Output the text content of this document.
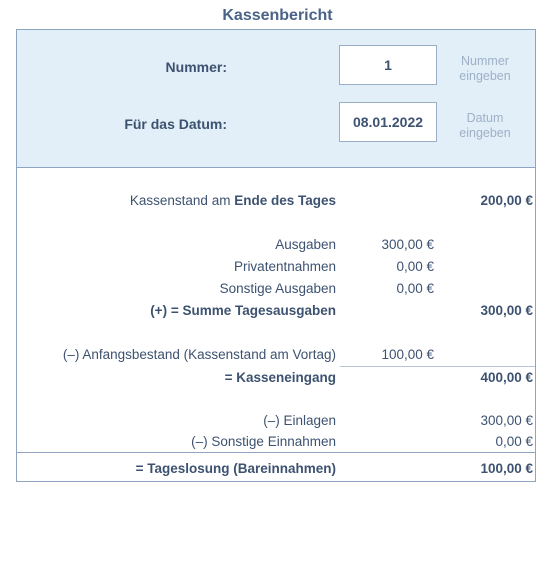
Kassenbericht
Nummer:	1	Nummer
eingeben
Für das Datum:	08.01.2022	Datum
eingeben
Kassenstand am Ende des Tages	200,00 €
Ausgaben	300,00 €
Privatentnahmen	0,00 €
Sonstige Ausgaben	0,00 €
(+) = Summe Tagesausgaben	300,00 €
(–) Anfangsbestand (Kassenstand am Vortag)	100,00 €
= Kasseneingang	400,00 €
(–) Einlagen	300,00 €
(–) Sonstige Einnahmen	0,00 €
= Tageslosung (Bareinnahmen)	100,00 €
